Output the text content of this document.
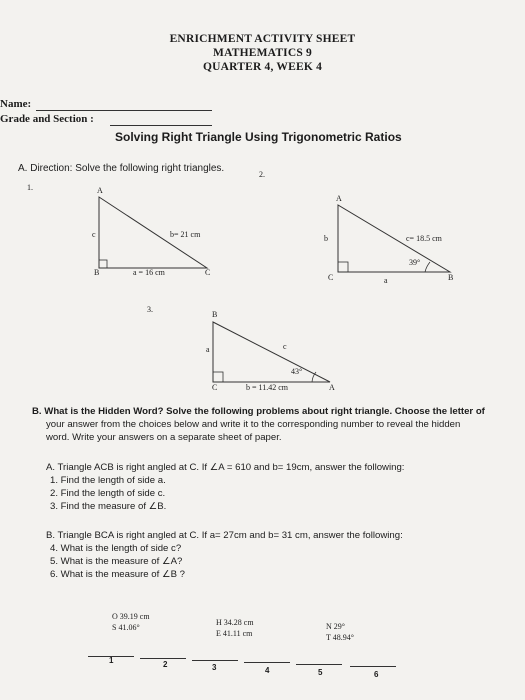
ENRICHMENT ACTIVITY SHEET
MATHEMATICS 9
QUARTER 4, WEEK 4
Name:
Grade and Section :
Solving Right Triangle Using Trigonometric Ratios
A. Direction: Solve the following right triangles.
1.	A
c	b= 21 cm
B	a = 16 cm	C
2.
A
b	c= 18.5 cm
39°
C	a	B
3.
B
a	c
43°
C	b = 11.42 cm	A
B. What is the Hidden Word? Solve the following problems about right triangle. Choose the letter of
your answer from the choices below and write it to the corresponding number to reveal the hidden
word. Write your answers on a separate sheet of paper.
A. Triangle ACB is right angled at C. If ∠A = 610 and b= 19cm, answer the following:
1. Find the length of side a.
2. Find the length of side c.
3. Find the measure of ∠B.
B. Triangle BCA is right angled at C. If a= 27cm and b= 31 cm, answer the following:
4. What is the length of side c?
5. What is the measure of ∠A?
6. What is the measure of ∠B ?
O 39.19 cm
S 41.06°
H 34.28 cm
E 41.11 cm
N 29°
T 48.94°
1	2	3	4	5	6
